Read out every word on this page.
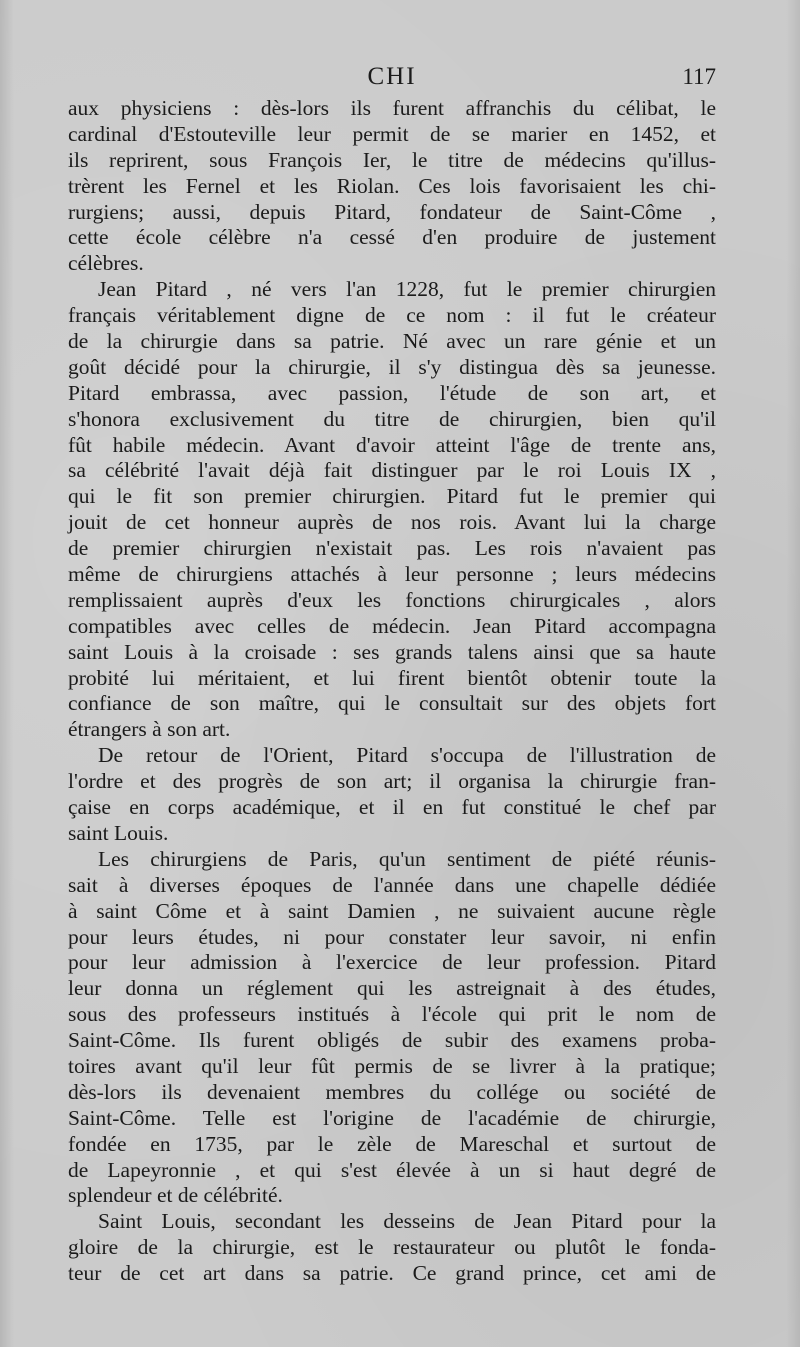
CHI	117
aux physiciens : dès-lors ils furent affranchis du célibat, le
cardinal d'Estouteville leur permit de se marier en 1452, et
ils reprirent, sous François Ier, le titre de médecins qu'illus-
trèrent les Fernel et les Riolan. Ces lois favorisaient les chi-
rurgiens; aussi, depuis Pitard, fondateur de Saint-Côme ,
cette école célèbre n'a cessé d'en produire de justement
célèbres.
Jean Pitard , né vers l'an 1228, fut le premier chirurgien
français véritablement digne de ce nom : il fut le créateur
de la chirurgie dans sa patrie. Né avec un rare génie et un
goût décidé pour la chirurgie, il s'y distingua dès sa jeunesse.
Pitard embrassa, avec passion, l'étude de son art, et
s'honora exclusivement du titre de chirurgien, bien qu'il
fût habile médecin. Avant d'avoir atteint l'âge de trente ans,
sa célébrité l'avait déjà fait distinguer par le roi Louis IX ,
qui le fit son premier chirurgien. Pitard fut le premier qui
jouit de cet honneur auprès de nos rois. Avant lui la charge
de premier chirurgien n'existait pas. Les rois n'avaient pas
même de chirurgiens attachés à leur personne ; leurs médecins
remplissaient auprès d'eux les fonctions chirurgicales , alors
compatibles avec celles de médecin. Jean Pitard accompagna
saint Louis à la croisade : ses grands talens ainsi que sa haute
probité lui méritaient, et lui firent bientôt obtenir toute la
confiance de son maître, qui le consultait sur des objets fort
étrangers à son art.
De retour de l'Orient, Pitard s'occupa de l'illustration de
l'ordre et des progrès de son art; il organisa la chirurgie fran-
çaise en corps académique, et il en fut constitué le chef par
saint Louis.
Les chirurgiens de Paris, qu'un sentiment de piété réunis-
sait à diverses époques de l'année dans une chapelle dédiée
à saint Côme et à saint Damien , ne suivaient aucune règle
pour leurs études, ni pour constater leur savoir, ni enfin
pour leur admission à l'exercice de leur profession. Pitard
leur donna un réglement qui les astreignait à des études,
sous des professeurs institués à l'école qui prit le nom de
Saint-Côme. Ils furent obligés de subir des examens proba-
toires avant qu'il leur fût permis de se livrer à la pratique;
dès-lors ils devenaient membres du collége ou société de
Saint-Côme. Telle est l'origine de l'académie de chirurgie,
fondée en 1735, par le zèle de Mareschal et surtout de
de Lapeyronnie , et qui s'est élevée à un si haut degré de
splendeur et de célébrité.
Saint Louis, secondant les desseins de Jean Pitard pour la
gloire de la chirurgie, est le restaurateur ou plutôt le fonda-
teur de cet art dans sa patrie. Ce grand prince, cet ami de
